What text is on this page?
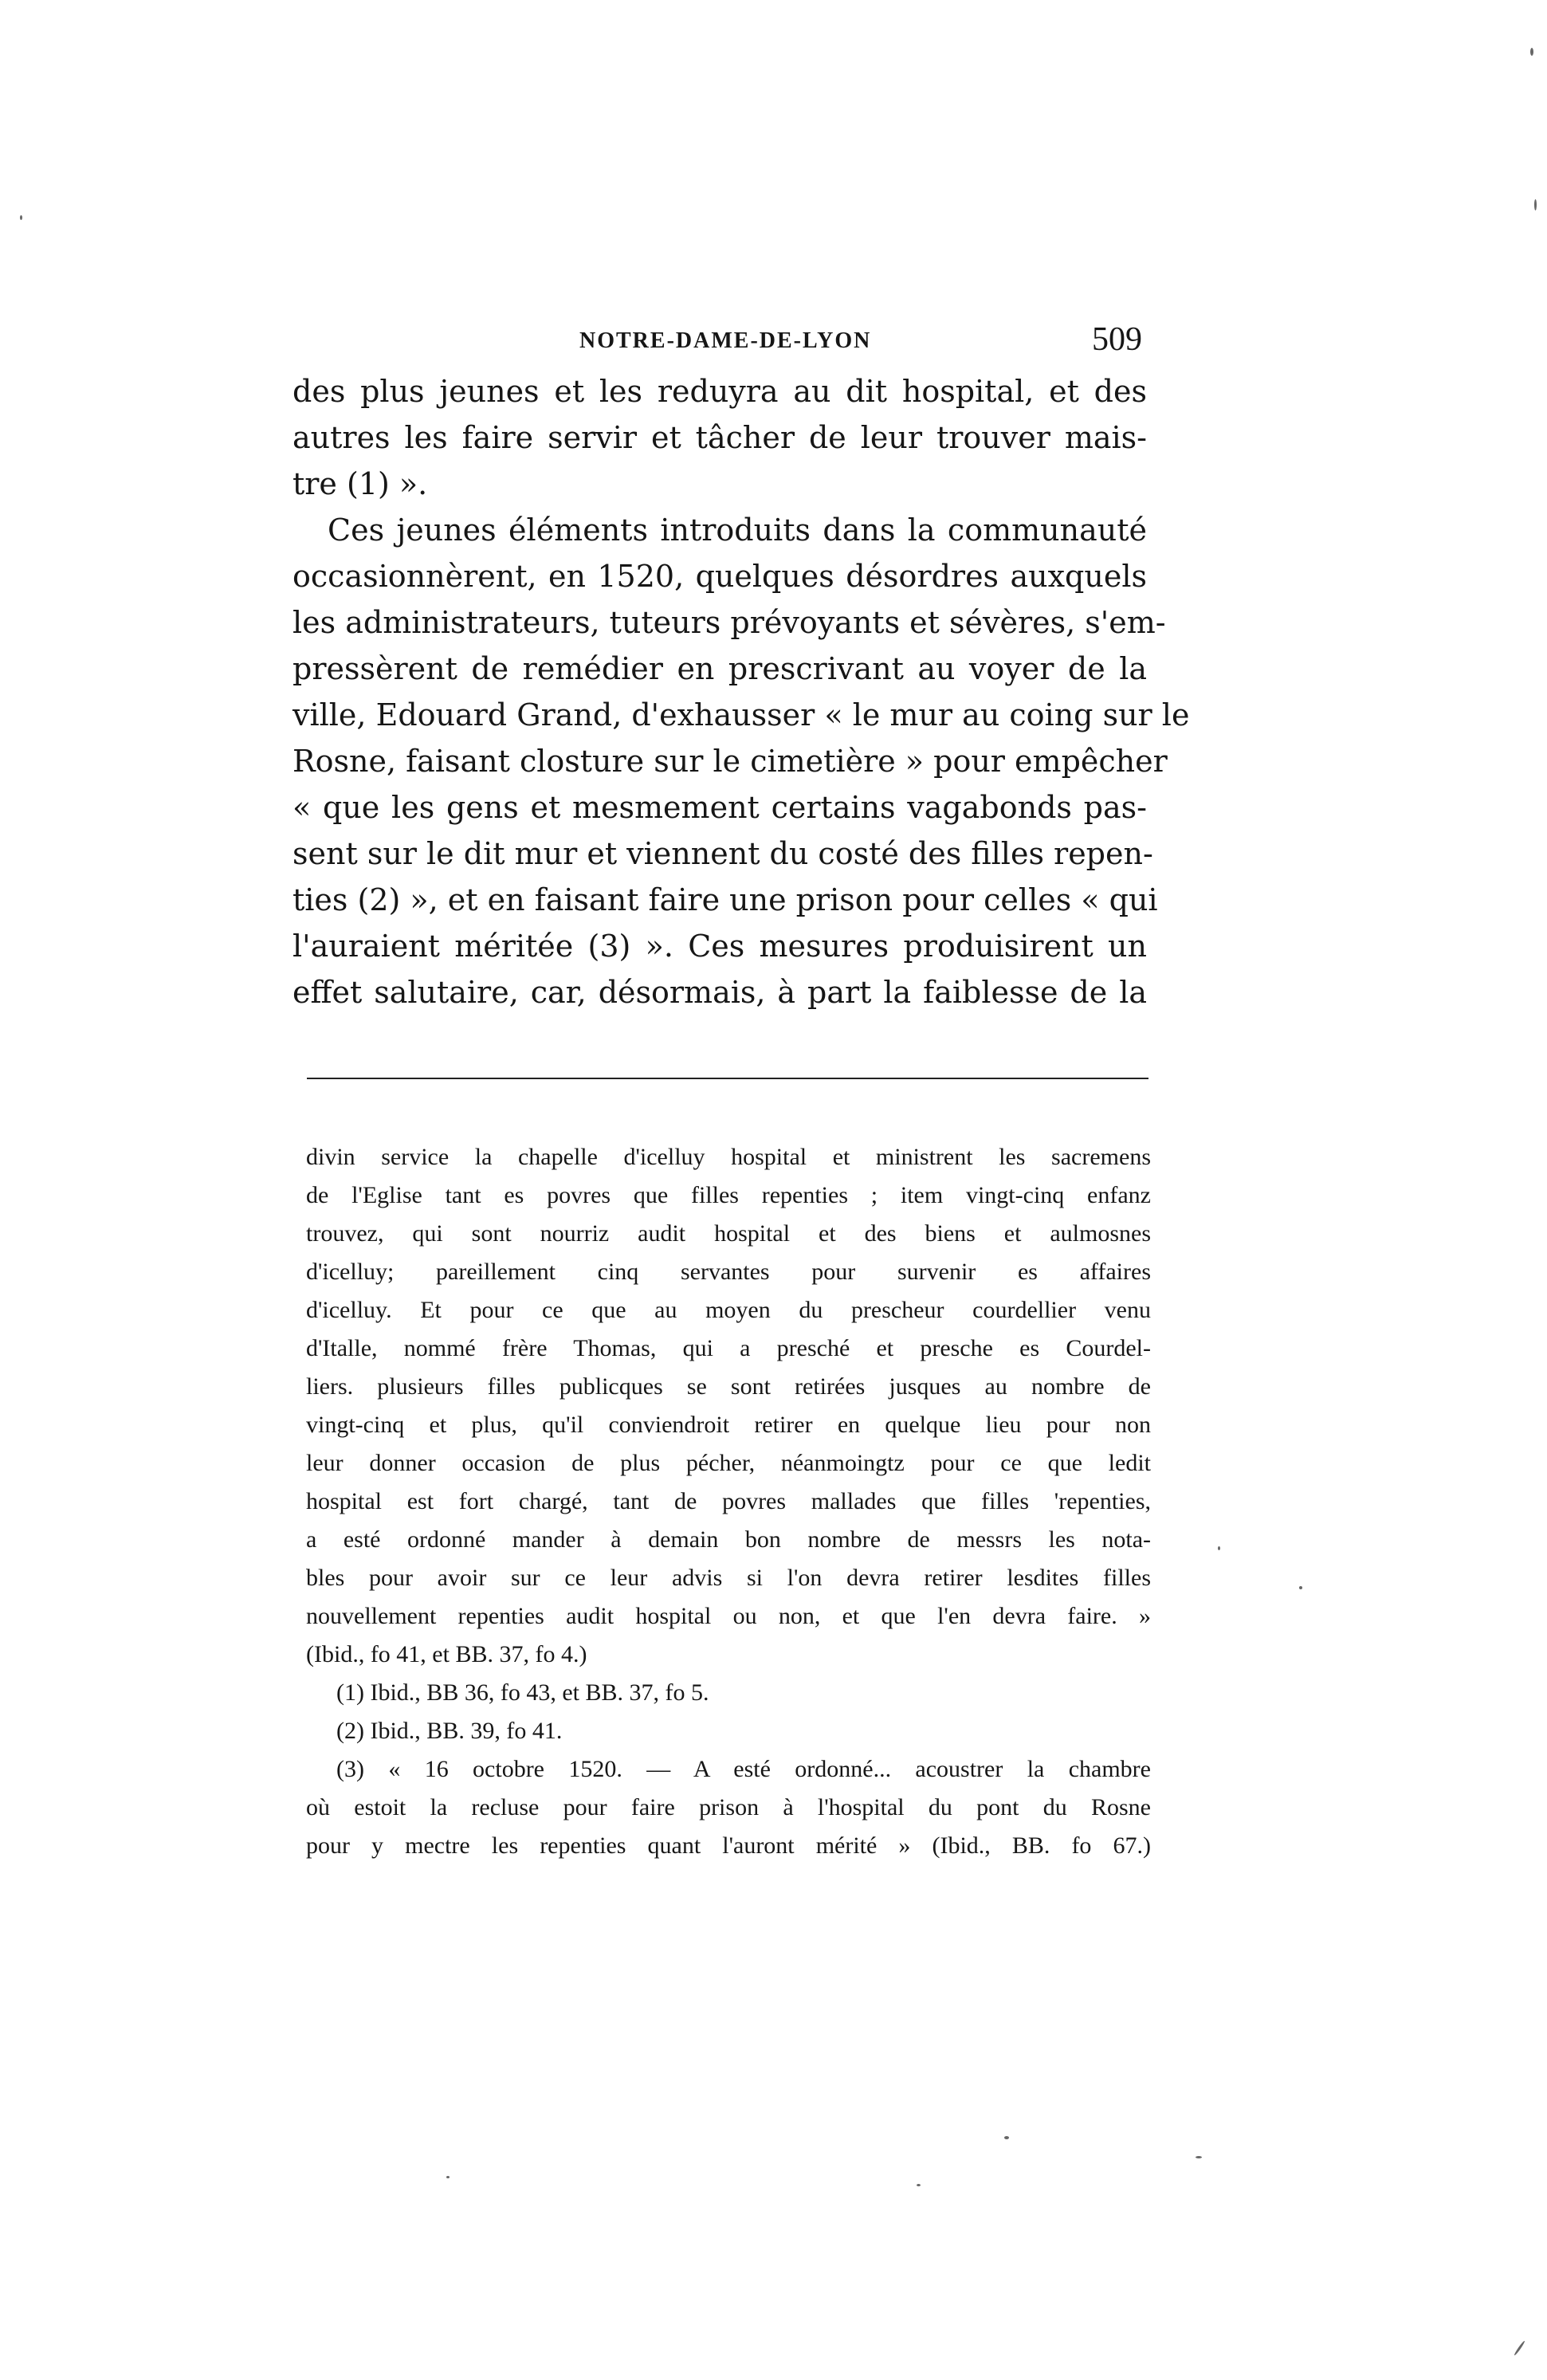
NOTRE-DAME-DE-LYON	509
des plus jeunes et les reduyra au dit hospital, et des
autres les faire servir et tâcher de leur trouver mais-
tre (1) ».
Ces jeunes éléments introduits dans la communauté
occasionnèrent, en 1520, quelques désordres auxquels
les administrateurs, tuteurs prévoyants et sévères, s'em-
pressèrent de remédier en prescrivant au voyer de la
ville, Edouard Grand, d'exhausser « le mur au coing sur le
Rosne, faisant closture sur le cimetière » pour empêcher
« que les gens et mesmement certains vagabonds pas-
sent sur le dit mur et viennent du costé des filles repen-
ties (2) », et en faisant faire une prison pour celles « qui
l'auraient méritée (3) ». Ces mesures produisirent un
effet salutaire, car, désormais, à part la faiblesse de la
divin service la chapelle d'icelluy hospital et ministrent les sacremens
de l'Eglise tant es povres que filles repenties ; item vingt-cinq enfanz
trouvez, qui sont nourriz audit hospital et des biens et aulmosnes
d'icelluy; pareillement cinq servantes pour survenir es affaires
d'icelluy. Et pour ce que au moyen du prescheur courdellier venu
d'Italle, nommé frère Thomas, qui a presché et presche es Courdel-
liers. plusieurs filles publicques se sont retirées jusques au nombre de
vingt-cinq et plus, qu'il conviendroit retirer en quelque lieu pour non
leur donner occasion de plus pécher, néanmoingtz pour ce que ledit
hospital est fort chargé, tant de povres mallades que filles 'repenties,
a esté ordonné mander à demain bon nombre de messrs les nota-
bles pour avoir sur ce leur advis si l'on devra retirer lesdites filles
nouvellement repenties audit hospital ou non, et que l'en devra faire. »
(Ibid., fo 41, et BB. 37, fo 4.)
(1) Ibid., BB 36, fo 43, et BB. 37, fo 5.
(2) Ibid., BB. 39, fo 41.
(3) « 16 octobre 1520. — A esté ordonné... acoustrer la chambre
où estoit la recluse pour faire prison à l'hospital du pont du Rosne
pour y mectre les repenties quant l'auront mérité » (Ibid., BB. fo 67.)
